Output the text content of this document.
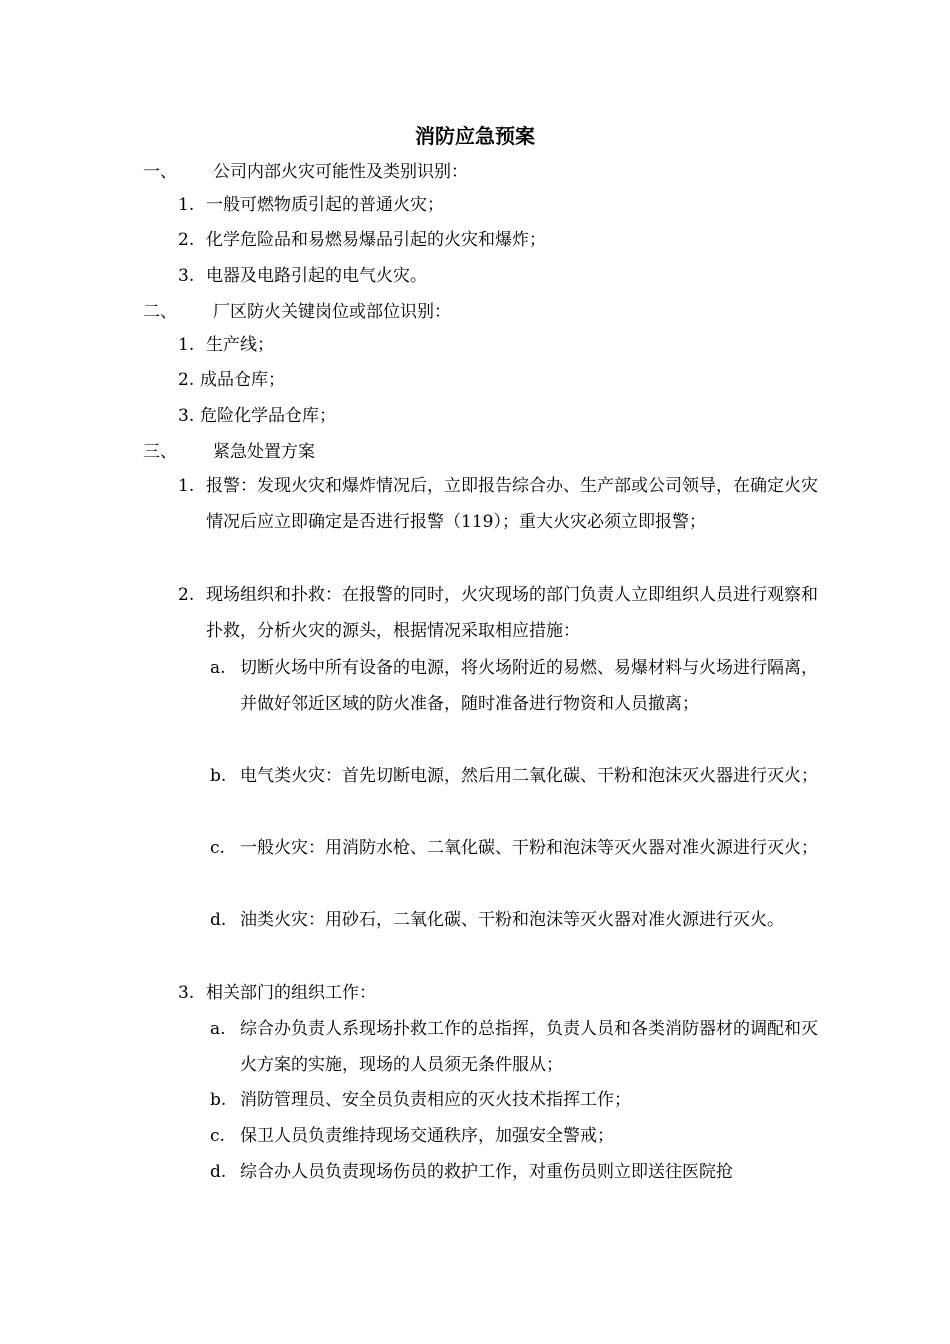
消防应急预案
一、 公司内部火灾可能性及类别识别：
1. 一般可燃物质引起的普通火灾；
2. 化学危险品和易燃易爆品引起的火灾和爆炸；
3. 电器及电路引起的电气火灾。
二、 厂区防火关键岗位或部位识别：
1. 生产线；
2. 成品仓库；
3. 危险化学品仓库；
三、 紧急处置方案
1. 报警：发现火灾和爆炸情况后，立即报告综合办、生产部或公司领导，在确定火灾情况后应立即确定是否进行报警（119）；重大火灾必须立即报警；
2. 现场组织和扑救：在报警的同时，火灾现场的部门负责人立即组织人员进行观察和扑救，分析火灾的源头，根据情况采取相应措施：
a. 切断火场中所有设备的电源，将火场附近的易燃、易爆材料与火场进行隔离，并做好邻近区域的防火准备，随时准备进行物资和人员撤离；
b. 电气类火灾：首先切断电源，然后用二氧化碳、干粉和泡沫灭火器进行灭火；
c. 一般火灾：用消防水枪、二氧化碳、干粉和泡沫等灭火器对准火源进行灭火；
d. 油类火灾：用砂石，二氧化碳、干粉和泡沫等灭火器对准火源进行灭火。
3. 相关部门的组织工作：
a. 综合办负责人系现场扑救工作的总指挥，负责人员和各类消防器材的调配和灭火方案的实施，现场的人员须无条件服从；
b. 消防管理员、安全员负责相应的灭火技术指挥工作；
c. 保卫人员负责维持现场交通秩序，加强安全警戒；
d. 综合办人员负责现场伤员的救护工作，对重伤员则立即送往医院抢
